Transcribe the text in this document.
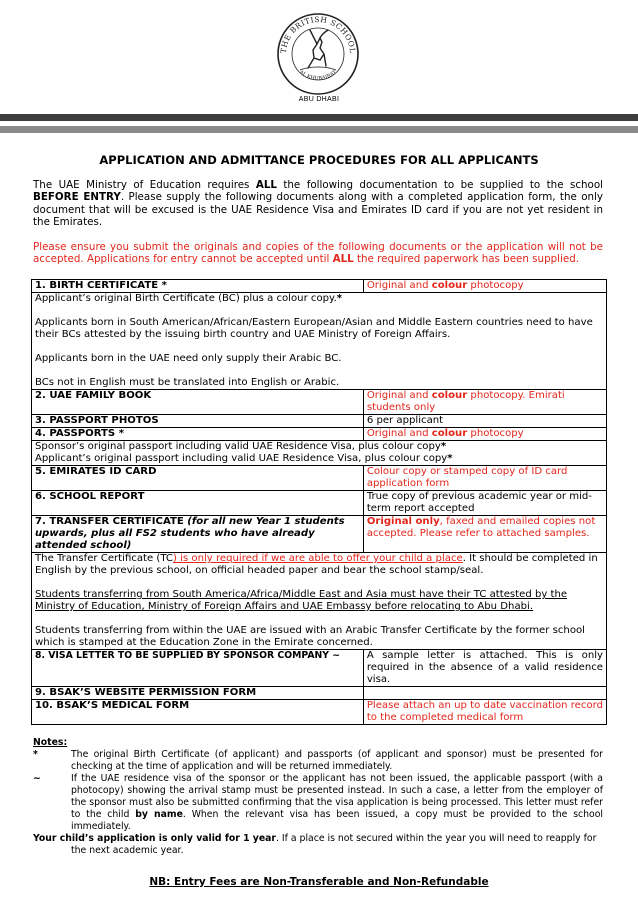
THE BRITISH SCHOOL
AL KHUBAIRAT
ABU DHABI
APPLICATION AND ADMITTANCE PROCEDURES FOR ALL APPLICANTS
The UAE Ministry of Education requires ALL the following documentation to be supplied to the school BEFORE ENTRY. Please supply the following documents along with a completed application form, the only document that will be excused is the UAE Residence Visa and Emirates ID card if you are not yet resident in the Emirates.
Please ensure you submit the originals and copies of the following documents or the application will not be accepted. Applications for entry cannot be accepted until ALL the required paperwork has been supplied.
1. BIRTH CERTIFICATE *	Original and colour photocopy

Applicant’s original Birth Certificate (BC) plus a colour copy.*
Applicants born in South American/African/Eastern European/Asian and Middle Eastern countries need to have their BCs attested by the issuing birth country and UAE Ministry of Foreign Affairs.
Applicants born in the UAE need only supply their Arabic BC.
BCs not in English must be translated into English or Arabic.	

2. UAE FAMILY BOOK	Original and colour photocopy. Emirati students only
3. PASSPORT PHOTOS	6 per applicant
4. PASSPORTS *	Original and colour photocopy

Sponsor’s original passport including valid UAE Residence Visa, plus colour copy*
Applicant’s original passport including valid UAE Residence Visa, plus colour copy*	

5. EMIRATES ID CARD	Colour copy or stamped copy of ID card application form
6. SCHOOL REPORT	True copy of previous academic year or mid-term report accepted
7. TRANSFER CERTIFICATE (for all new Year 1 students upwards, plus all FS2 students who have already attended school)	Original only, faxed and emailed copies not accepted. Please refer to attached samples.

The Transfer Certificate (TC) is only required if we are able to offer your child a place. It should be completed in English by the previous school, on official headed paper and bear the school stamp/seal.
Students transferring from South America/Africa/Middle East and Asia must have their TC attested by the Ministry of Education, Ministry of Foreign Affairs and UAE Embassy before relocating to Abu Dhabi.
Students transferring from within the UAE are issued with an Arabic Transfer Certificate by the former school which is stamped at the Education Zone in the Emirate concerned.	

8. VISA LETTER TO BE SUPPLIED BY SPONSOR COMPANY ~	A sample letter is attached. This is only required in the absence of a valid residence visa.
9. BSAK’S WEBSITE PERMISSION FORM	
10. BSAK’S MEDICAL FORM	Please attach an up to date vaccination record to the completed medical form
Notes:
*	The original Birth Certificate (of applicant) and passports (of applicant and sponsor) must be presented for checking at the time of application and will be returned immediately.
~	If the UAE residence visa of the sponsor or the applicant has not been issued, the applicable passport (with a photocopy) showing the arrival stamp must be presented instead. In such a case, a letter from the employer of the sponsor must also be submitted confirming that the visa application is being processed. This letter must refer to the child by name. When the relevant visa has been issued, a copy must be provided to the school immediately.
Your child’s application is only valid for 1 year. If a place is not secured within the year you will need to reapply for the next academic year.
NB: Entry Fees are Non-Transferable and Non-Refundable
